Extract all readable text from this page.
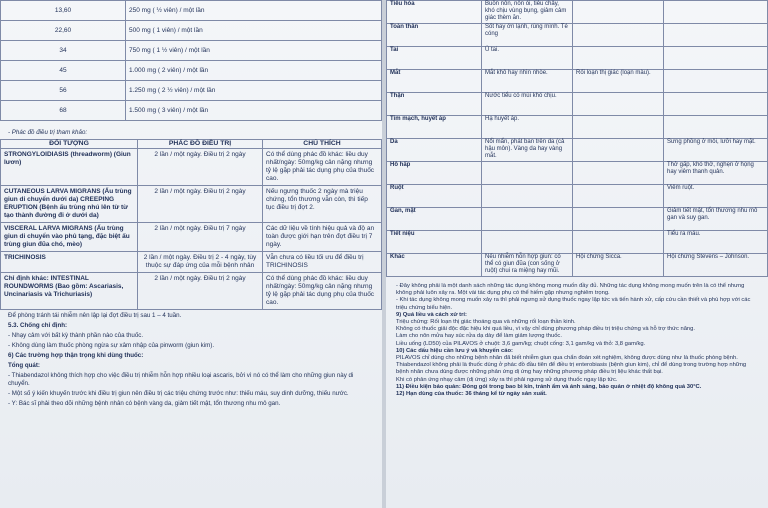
13,60	250 mg ( ½ viên) / một lần
22,60	500 mg ( 1 viên) / một lần
34	750 mg ( 1 ½ viên) / một lần
45	1.000 mg ( 2 viên) / một lần
56	1.250 mg ( 2 ½ viên) / một lần
68	1.500 mg ( 3 viên) / một lần
- Phác đồ điều trị tham khảo:
ĐỐI TƯỢNG	PHÁC ĐỒ ĐIỀU TRỊ	CHÚ THÍCH
STRONGYLOIDIASIS (threadworm) (Giun lươn)	2 lần / một ngày. Điều trị 2 ngày	Có thể dùng phác đồ khác: liều duy nhất/ngày: 50mg/kg cân nặng nhưng tỷ lệ gặp phải tác dụng phụ của thuốc cao.
CUTANEOUS LARVA MIGRANS (Ấu trùng giun di chuyển dưới da) CREEPING ERUPTION (Bệnh ấu trùng nhú lên từ từ tạo thành đường đi ở dưới da)	2 lần / một ngày. Điều trị 2 ngày	Nếu ngưng thuốc 2 ngày mà triệu chứng, tổn thương vẫn còn, thì tiếp tục điều trị đợt 2.
VISCERAL LARVA MIGRANS (Ấu trùng giun di chuyển vào phủ tạng, đặc biệt ấu trùng giun đũa chó, mèo)	2 lần / một ngày. Điều trị 7 ngày	Các dữ liệu về tính hiệu quả và độ an toàn được giới hạn trên đợt điều trị 7 ngày.
TRICHINOSIS	2 lần / một ngày. Điều trị 2 - 4 ngày, tùy thuộc sự đáp ứng của mỗi bệnh nhân	Vẫn chưa có liều tối ưu để điều trị TRICHINOSIS
Chỉ định khác: INTESTINAL ROUNDWORMS (Bao gồm: Ascariasis, Uncinariasis và Trichuriasis)	2 lần / một ngày. Điều trị 2 ngày	Có thể dùng phác đồ khác: liều duy nhất/ngày: 50mg/kg cân nặng nhưng tỷ lệ gặp phải tác dụng phụ của thuốc cao.
Để phòng tránh tái nhiễm nên lập lại đợt điều trị sau 1 – 4 tuần.
5.3. Chống chỉ định:
- Nhạy cảm với bất kỳ thành phần nào của thuốc.
- Không dùng làm thuốc phòng ngừa sự xâm nhập của pinworm (giun kim).
6) Các trường hợp thận trọng khi dùng thuốc:
Tổng quát:
- Thiabendazol không thích hợp cho việc điều trị nhiễm hỗn hợp nhiều loại ascaris, bởi vì nó có thể làm cho những giun này di chuyển.
- Một số ý kiến khuyến trước khi điều trị giun nên điều trị các triệu chứng trước như: thiếu máu, suy dinh dưỡng, thiếu nước.
- Y: Bác sĩ phải theo dõi những bệnh nhân có bệnh vàng da, giảm tiết mật, tổn thương nhu mô gan.
Tiêu hóa	Buồn nôn, nôn ói, tiêu chảy, khó chịu vùng bụng, giảm cảm giác thèm ăn.		
Toàn thân	Sốt hay ớn lạnh, rùng mình. Té cóng		
Tai	Ù tai.		
Mắt	Mắt khô hay nhìn nhòe.	Rối loạn thị giác (loạn màu).	
Thận	Nước tiểu có mùi khó chịu.		
Tim mạch, huyết áp	Hạ huyết áp.		
Da	Nổi mẩn, phát ban trên da (cả hậu môn). Vàng da hay vàng mắt.		Sưng phồng ở môi, lưỡi hay mặt.
Hô hấp			Thở gấp, khó thở, nghẹn ở họng hay viêm thanh quản.
Ruột			Viêm ruột.
Gan, mật			Giảm tiết mật, tổn thương nhu mô gan và suy gan.
Tiết niệu			Tiểu ra máu.
Khác	Nếu nhiễm hỗn hợp giun: có thể có giun đũa (con sống ở ruột) chui ra miệng hay mũi.	Hội chứng Sicca.	Hội chứng Stevens – Johnson.
- Đây không phải là một danh sách những tác dụng không mong muốn đầy đủ. Những tác dụng không mong muốn trên là có thể nhưng không phải luôn xảy ra. Một vài tác dụng phụ có thể hiếm gặp nhưng nghiêm trọng.
- Khi tác dụng không mong muốn xảy ra thì phải ngưng sử dụng thuốc ngay lập tức và tiến hành xử, cấp cứu cần thiết và phù hợp với các triệu chứng biểu hiện.
9) Quá liều và cách xử trí:
Triệu chứng: Rối loạn thị giác thoáng qua và những rối loạn thần kinh.
Không có thuốc giải độc đặc hiệu khi quá liều, vì vậy chỉ dùng phương pháp điều trị triệu chứng và hỗ trợ thức năng.
Làm cho nôn mửa hay súc rửa dạ dày để làm giảm lượng thuốc.
Liều uống (LD50) của PILAVOS ở chuột: 3,6 gam/kg; chuột cống: 3,1 gam/kg và thỏ: 3,8 gam/kg.
10) Các dấu hiệu cần lưu ý và khuyến cáo:
PILAVOS chỉ dùng cho những bệnh nhân đã biết nhiễm giun qua chẩn đoán xét nghiệm, không được dùng như là thuốc phòng bệnh.
Thiabendazol không phải là thuốc dùng ở phác đồ đầu tiên để điều trị enterobiasis (bệnh giun kim), chỉ để dùng trong trường hợp những bệnh nhân chưa dùng được những phản ứng dị ứng hay những phương pháp điều trị liệu khác thất bại.
Khi có phản ứng nhạy cảm (dị ứng) xảy ra thì phải ngưng sử dụng thuốc ngay lập tức.
11) Điều kiện bảo quản: Đóng gói trong bao bì kín, tránh ẩm và ánh sáng, bảo quản ở nhiệt độ không quá 30°C.
12) Hạn dùng của thuốc: 36 tháng kể từ ngày sản xuất.
